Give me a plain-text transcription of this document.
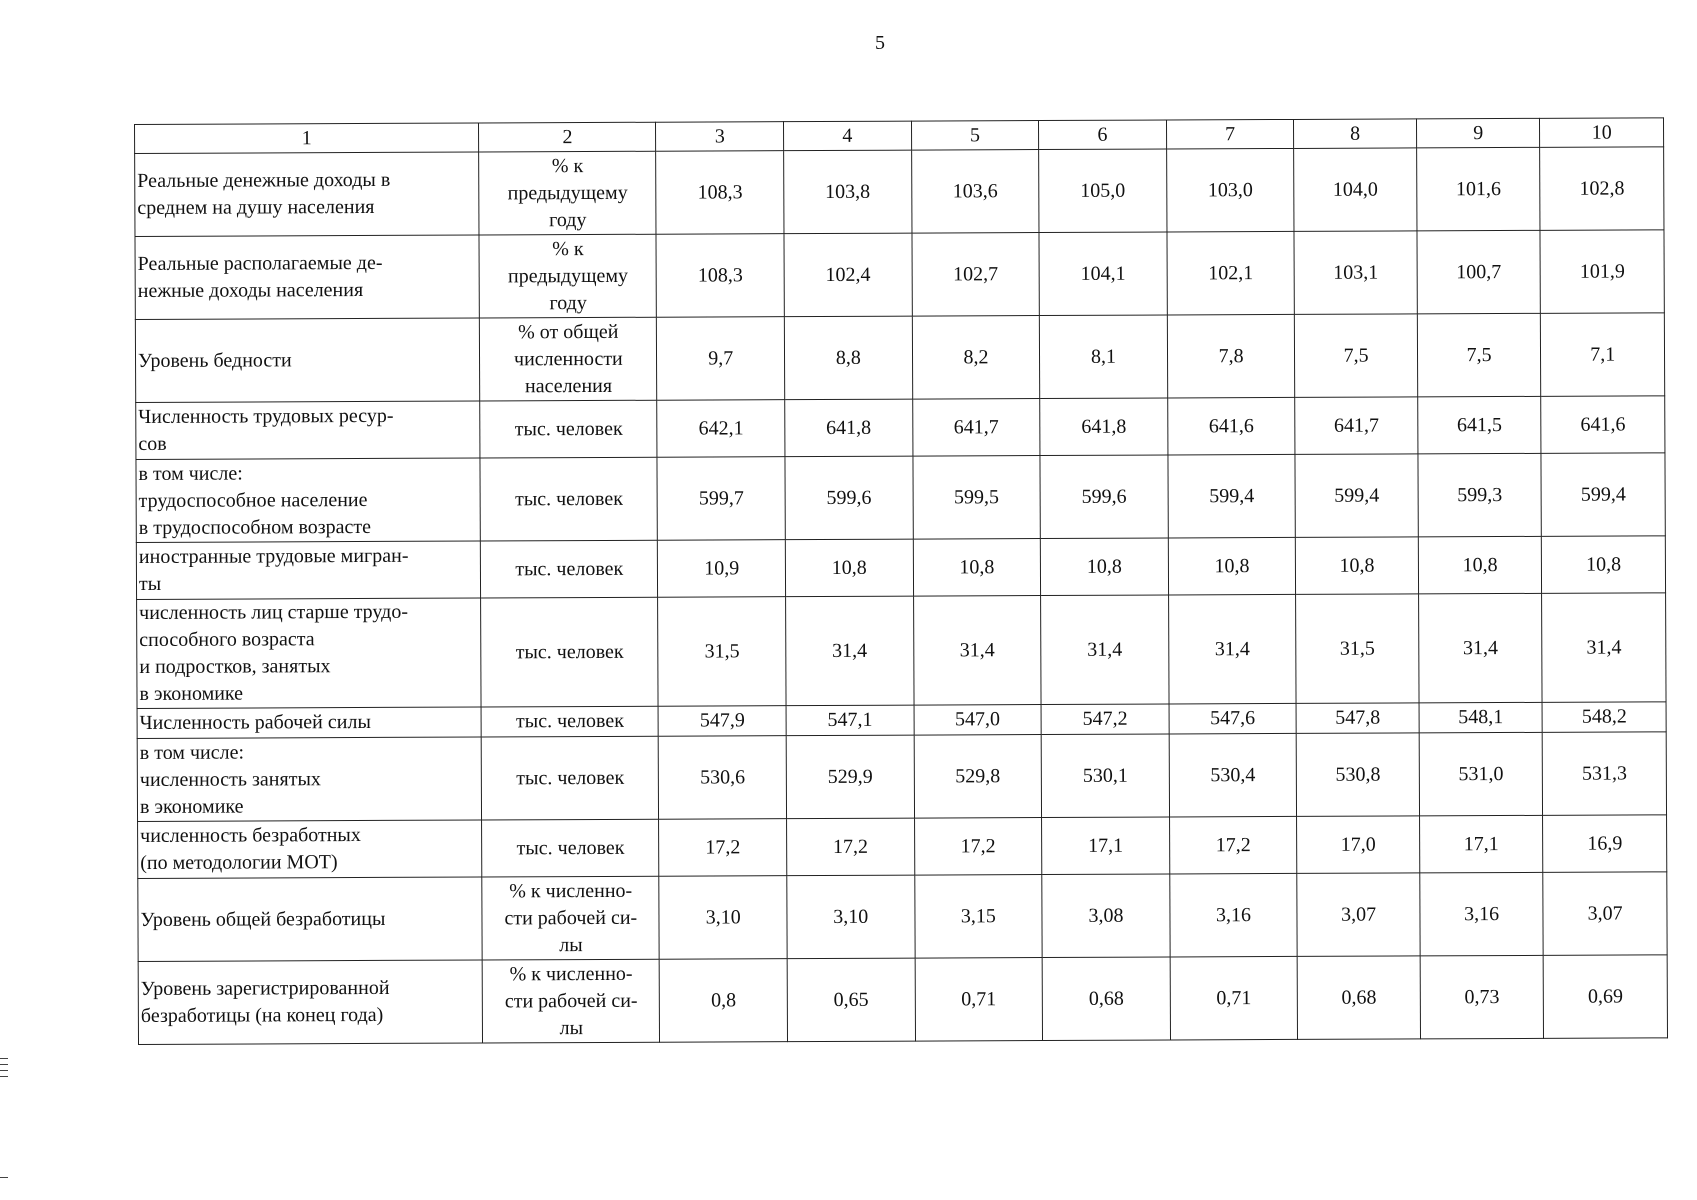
5
1	2	3	4	5	6	7	8	9	10

Реальные денежные доходы в
среднем на душу населения	% к
предыдущему
году	108,3	103,8	103,6	105,0	103,0	104,0	101,6	102,8

Реальные располагаемые де-
нежные доходы населения	% к
предыдущему
году	108,3	102,4	102,7	104,1	102,1	103,1	100,7	101,9

Уровень бедности	% от общей
численности
населения	9,7	8,8	8,2	8,1	7,8	7,5	7,5	7,1

Численность трудовых ресур-
сов	тыс. человек	642,1	641,8	641,7	641,8	641,6	641,7	641,5	641,6

в том числе:
трудоспособное население
в трудоспособном возрасте	тыс. человек	599,7	599,6	599,5	599,6	599,4	599,4	599,3	599,4

иностранные трудовые мигран-
ты	тыс. человек	10,9	10,8	10,8	10,8	10,8	10,8	10,8	10,8

численность лиц старше трудо-
способного возраста
и подростков, занятых
в экономике	тыс. человек	31,5	31,4	31,4	31,4	31,4	31,5	31,4	31,4

Численность рабочей силы	тыс. человек	547,9	547,1	547,0	547,2	547,6	547,8	548,1	548,2

в том числе:
численность занятых
в экономике	тыс. человек	530,6	529,9	529,8	530,1	530,4	530,8	531,0	531,3

численность безработных
(по методологии МОТ)	тыс. человек	17,2	17,2	17,2	17,1	17,2	17,0	17,1	16,9

Уровень общей безработицы	% к численно-
сти рабочей си-
лы	3,10	3,10	3,15	3,08	3,16	3,07	3,16	3,07

Уровень зарегистрированной
безработицы (на конец года)	% к численно-
сти рабочей си-
лы	0,8	0,65	0,71	0,68	0,71	0,68	0,73	0,69
